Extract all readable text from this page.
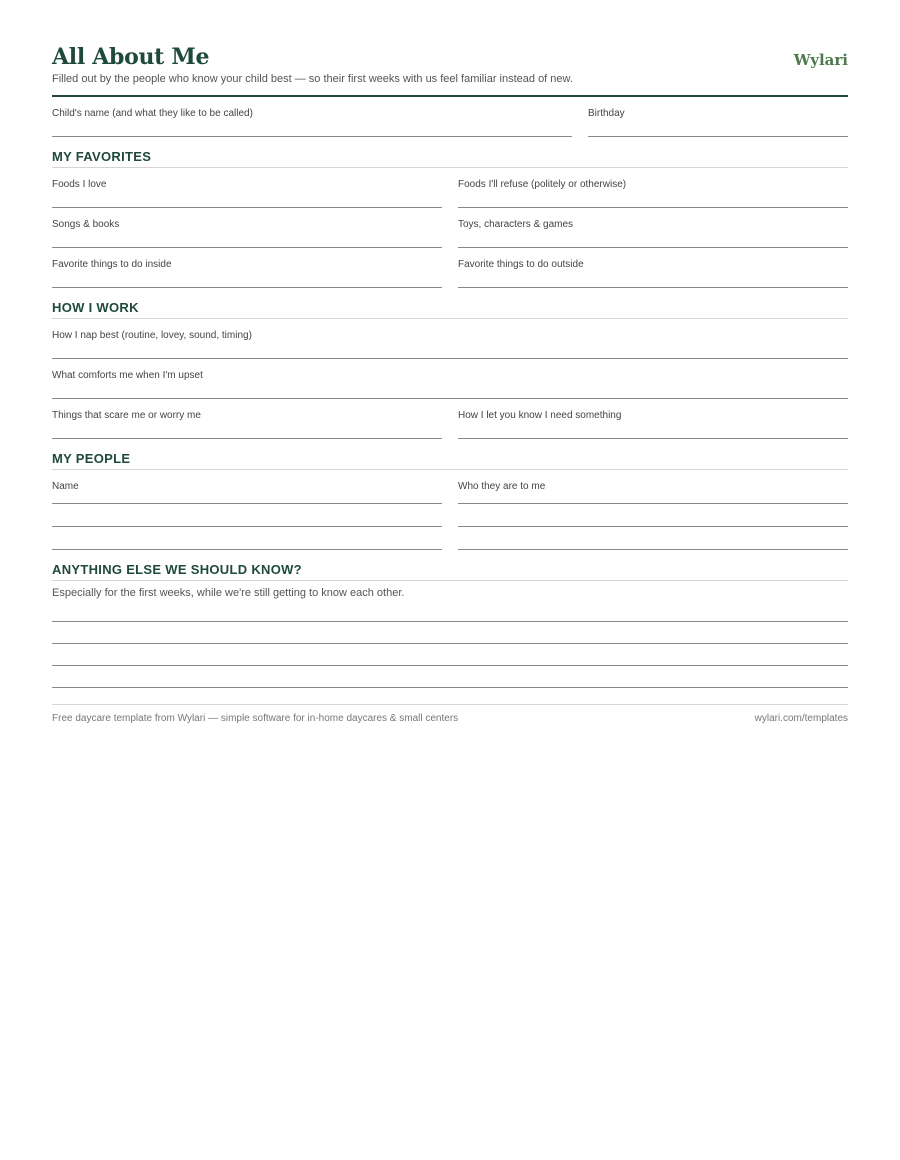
All About Me

Filled out by the people who know your child best — so their first weeks with us feel familiar instead of new.

Wylari
Child's name (and what they like to be called)	Birthday
MY FAVORITES
Foods I love	Foods I'll refuse (politely or otherwise)
Songs & books	Toys, characters & games
Favorite things to do inside	Favorite things to do outside
HOW I WORK
How I nap best (routine, lovey, sound, timing)
What comforts me when I'm upset
Things that scare me or worry me	How I let you know I need something
MY PEOPLE
Name	Who they are to me
ANYTHING ELSE WE SHOULD KNOW?
Especially for the first weeks, while we're still getting to know each other.
Free daycare template from Wylari — simple software for in-home daycares & small centers	wylari.com/templates
